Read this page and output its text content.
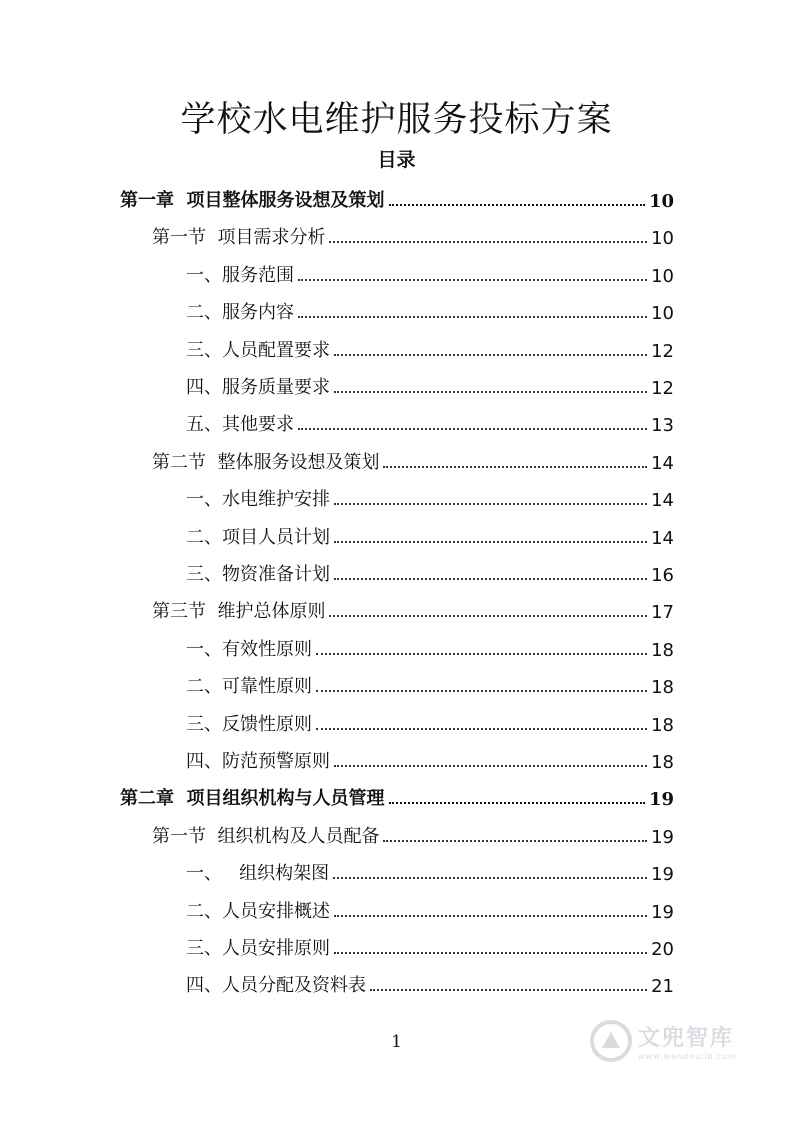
学校水电维护服务投标方案
目录
第一章  项目整体服务设想及策划	10
第一节  项目需求分析	10
一、服务范围	10
二、服务内容	10
三、人员配置要求	12
四、服务质量要求	12
五、其他要求	13
第二节  整体服务设想及策划	14
一、水电维护安排	14
二、项目人员计划	14
三、物资准备计划	16
第三节  维护总体原则	17
一、有效性原则	18
二、可靠性原则	18
三、反馈性原则	18
四、防范预警原则	18
第二章  项目组织机构与人员管理	19
第一节  组织机构及人员配备	19
一、   组织构架图	19
二、人员安排概述	19
三、人员安排原则	20
四、人员分配及资料表	21
1	文兜智库
www.wendoulib.com
